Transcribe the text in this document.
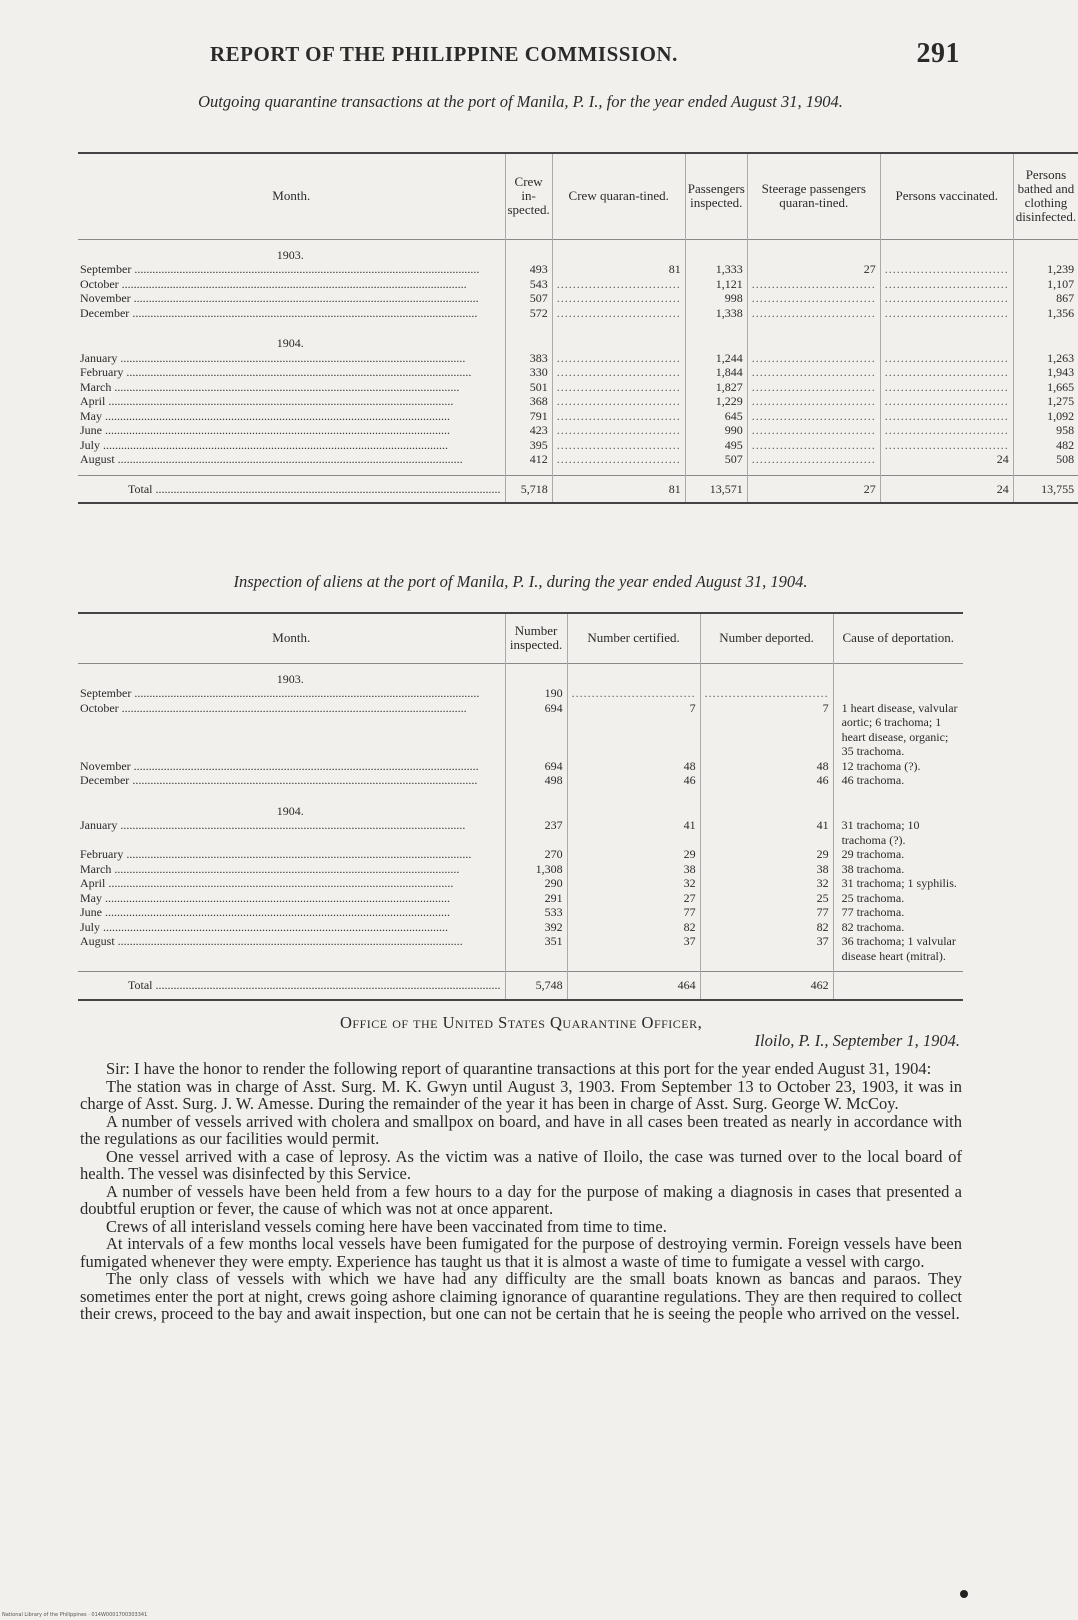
REPORT OF THE PHILIPPINE COMMISSION.	291
Outgoing quarantine transactions at the port of Manila, P. I., for the year ended August 31, 1904.
Month.	Crew in-spected.	Crew quaran-tined.	Passengers inspected.	Steerage passengers quaran-tined.	Persons vaccinated.	Persons bathed and clothing disinfected.
1903.						

September .....	493	81	1,333	27	.....	1,239

October .....	543	.....	1,121	.....	.....	1,107

November .....	507	.....	998	.....	.....	867

December .....	572	.....	1,338	.....	.....	1,356

1904.						

January .....	383	.....	1,244	.....	.....	1,263

February .....	330	.....	1,844	.....	.....	1,943

March .....	501	.....	1,827	.....	.....	1,665

April .....	368	.....	1,229	.....	.....	1,275

May .....	791	.....	645	.....	.....	1,092

June .....	423	.....	990	.....	.....	958

July .....	395	.....	495	.....	.....	482

August .....	412	.....	507	.....	24	508

Total .....	5,718	81	13,571	27	24	13,755
Inspection of aliens at the port of Manila, P. I., during the year ended August 31, 1904.
Month.	Number inspected.	Number certified.	Number deported.	Cause of deportation.
1903.				

September .....	190	.....	.....	

October .....	694	7	7	1 heart disease, valvular aortic; 6 trachoma; 1 heart disease, organic; 35 trachoma.

November .....	694	48	48	12 trachoma (?).

December .....	498	46	46	46 trachoma.

1904.				

January .....	237	41	41	31 trachoma; 10 trachoma (?).

February .....	270	29	29	29 trachoma.

March .....	1,308	38	38	38 trachoma.

April .....	290	32	32	31 trachoma; 1 syphilis.

May .....	291	27	25	25 trachoma.

June .....	533	77	77	77 trachoma.

July .....	392	82	82	82 trachoma.

August .....	351	37	37	36 trachoma; 1 valvular disease heart (mitral).

Total .....	5,748	464	462	
Office of the United States Quarantine Officer,
Iloilo, P. I., September 1, 1904.

Sir: I have the honor to render the following report of quarantine transactions at this port for the year ended August 31, 1904:

The station was in charge of Asst. Surg. M. K. Gwyn until August 3, 1903. From September 13 to October 23, 1903, it was in charge of Asst. Surg. J. W. Amesse. During the remainder of the year it has been in charge of Asst. Surg. George W. McCoy.

A number of vessels arrived with cholera and smallpox on board, and have in all cases been treated as nearly in accordance with the regulations as our facilities would permit.

One vessel arrived with a case of leprosy. As the victim was a native of Iloilo, the case was turned over to the local board of health. The vessel was disinfected by this Service.

A number of vessels have been held from a few hours to a day for the purpose of making a diagnosis in cases that presented a doubtful eruption or fever, the cause of which was not at once apparent.

Crews of all interisland vessels coming here have been vaccinated from time to time.

At intervals of a few months local vessels have been fumigated for the purpose of destroying vermin. Foreign vessels have been fumigated whenever they were empty. Experience has taught us that it is almost a waste of time to fumigate a vessel with cargo.

The only class of vessels with which we have had any difficulty are the small boats known as bancas and paraos. They sometimes enter the port at night, crews going ashore claiming ignorance of quarantine regulations. They are then required to collect their crews, proceed to the bay and await inspection, but one can not be certain that he is seeing the people who arrived on the vessel.

National Library of the Philippines · 014W0001700303341
